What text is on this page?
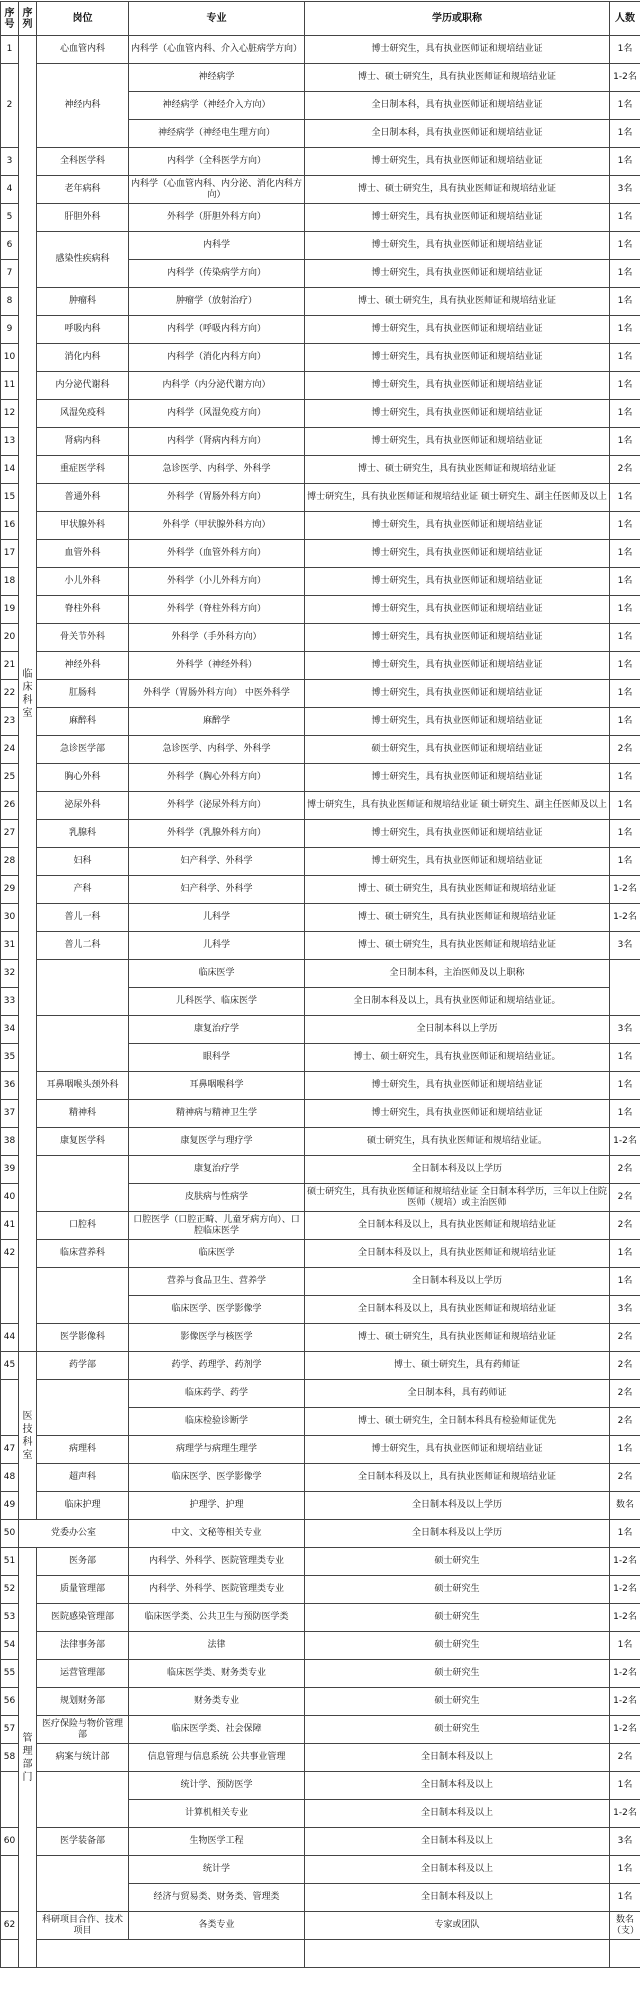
序号	序列	岗位	专业	学历或职称	人数	
1	临床科室	心血管内科	内科学（心血管内科、介入心脏病学方向）	博士研究生，具有执业医师证和规培结业证	1名	
2		神经内科	神经病学	博士、硕士研究生，具有执业医师证和规培结业证	1-2名	
			神经病学（神经介入方向）	全日制本科，具有执业医师证和规培结业证	1名	
			神经病学（神经电生理方向）	全日制本科，具有执业医师证和规培结业证	1名	
3		全科医学科	内科学（全科医学方向）	博士研究生，具有执业医师证和规培结业证	1名	
4		老年病科	内科学（心血管内科、内分泌、消化内科方向）	博士、硕士研究生，具有执业医师证和规培结业证	3名	
5		肝胆外科	外科学（肝胆外科方向）	博士研究生，具有执业医师证和规培结业证	1名	
6		感染性疾病科	内科学	博士研究生，具有执业医师证和规培结业证	1名	
7			内科学（传染病学方向）	博士研究生，具有执业医师证和规培结业证	1名	
8		肿瘤科	肿瘤学（放射治疗）	博士、硕士研究生，具有执业医师证和规培结业证	1名	
9		呼吸内科	内科学（呼吸内科方向）	博士研究生，具有执业医师证和规培结业证	1名	
10		消化内科	内科学（消化内科方向）	博士研究生，具有执业医师证和规培结业证	1名	
11		内分泌代谢科	内科学（内分泌代谢方向）	博士研究生，具有执业医师证和规培结业证	1名	
12		风湿免疫科	内科学（风湿免疫方向）	博士研究生，具有执业医师证和规培结业证	1名	
13		肾病内科	内科学（肾病内科方向）	博士研究生，具有执业医师证和规培结业证	1名	
14		重症医学科	急诊医学、内科学、外科学	博士、硕士研究生，具有执业医师证和规培结业证	2名	
15		普通外科	外科学（胃肠外科方向）	博士研究生，具有执业医师证和规培结业证 硕士研究生、副主任医师及以上	1名	
16		甲状腺外科	外科学（甲状腺外科方向）	博士研究生，具有执业医师证和规培结业证	1名	
17		血管外科	外科学（血管外科方向）	博士研究生，具有执业医师证和规培结业证	1名	
18		小儿外科	外科学（小儿外科方向）	博士研究生，具有执业医师证和规培结业证	1名	
19		脊柱外科	外科学（脊柱外科方向）	博士研究生，具有执业医师证和规培结业证	1名	
20		骨关节外科	外科学（手外科方向）	博士研究生，具有执业医师证和规培结业证	1名	
21		神经外科	外科学（神经外科）	博士研究生，具有执业医师证和规培结业证	1名	
22		肛肠科	外科学（胃肠外科方向） 中医外科学	博士研究生，具有执业医师证和规培结业证	1名	
23		麻醉科	麻醉学	博士研究生，具有执业医师证和规培结业证	1名	
24		急诊医学部	急诊医学、内科学、外科学	硕士研究生，具有执业医师证和规培结业证	2名	
25		胸心外科	外科学（胸心外科方向）	博士研究生，具有执业医师证和规培结业证	1名	
26		泌尿外科	外科学（泌尿外科方向）	博士研究生，具有执业医师证和规培结业证 硕士研究生、副主任医师及以上	1名	
27		乳腺科	外科学（乳腺外科方向）	博士研究生，具有执业医师证和规培结业证	1名	
28		妇科	妇产科学、外科学	博士研究生，具有执业医师证和规培结业证	1名	
29		产科	妇产科学、外科学	博士、硕士研究生，具有执业医师证和规培结业证	1-2名	
30		普儿一科	儿科学	博士、硕士研究生，具有执业医师证和规培结业证	1-2名	
31		普儿二科	儿科学	博士、硕士研究生，具有执业医师证和规培结业证	3名	
32			临床医学	全日制本科，主治医师及以上职称		
33			儿科医学、临床医学	全日制本科及以上，具有执业医师证和规培结业证。		
34			康复治疗学	全日制本科以上学历	3名	
35			眼科学	博士、硕士研究生，具有执业医师证和规培结业证。	1名	
36		耳鼻咽喉头颈外科	耳鼻咽喉科学	博士研究生，具有执业医师证和规培结业证	1名	
37		精神科	精神病与精神卫生学	博士研究生，具有执业医师证和规培结业证	1名	
38		康复医学科	康复医学与理疗学	硕士研究生，具有执业医师证和规培结业证。	1-2名	
39			康复治疗学	全日制本科及以上学历	2名	
40			皮肤病与性病学	硕士研究生，具有执业医师证和规培结业证 全日制本科学历，三年以上住院医师（规培）或主治医师	2名	
41		口腔科	口腔医学（口腔正畸、儿童牙病方向）、口腔临床医学	全日制本科及以上，具有执业医师证和规培结业证	2名	
42		临床营养科	临床医学	全日制本科及以上，具有执业医师证和规培结业证	1名	
			营养与食品卫生、营养学	全日制本科及以上学历	1名	
			临床医学、医学影像学	全日制本科及以上，具有执业医师证和规培结业证	3名	
44		医学影像科	影像医学与核医学	博士、硕士研究生，具有执业医师证和规培结业证	2名	
45	医技科室	药学部	药学、药理学、药剂学	博士、硕士研究生，具有药师证	2名	
			临床药学、药学	全日制本科，具有药师证	2名	
			临床检验诊断学	博士、硕士研究生，全日制本科具有检验师证优先	2名	
47		病理科	病理学与病理生理学	博士研究生，具有执业医师证和规培结业证	1名	
48		超声科	临床医学、医学影像学	全日制本科及以上，具有执业医师证和规培结业证	2名	
49		临床护理	护理学、护理	全日制本科及以上学历	数名	
50	党委办公室		中文、文秘等相关专业	全日制本科及以上学历	1名	
51	管理部门	医务部	内科学、外科学、医院管理类专业	硕士研究生	1-2名	
52		质量管理部	内科学、外科学、医院管理类专业	硕士研究生	1-2名	
53		医院感染管理部	临床医学类、公共卫生与预防医学类	硕士研究生	1-2名	
54		法律事务部	法律	硕士研究生	1名	
55		运营管理部	临床医学类、财务类专业	硕士研究生	1-2名	
56		规划财务部	财务类专业	硕士研究生	1-2名	
57		医疗保险与物价管理部	临床医学类、社会保障	硕士研究生	1-2名	
58		病案与统计部	信息管理与信息系统 公共事业管理	全日制本科及以上	2名	
			统计学、预防医学	全日制本科及以上	1名	
			计算机相关专业	全日制本科及以上	1-2名	
60		医学装备部	生物医学工程	全日制本科及以上	3名	
			统计学	全日制本科及以上	1名	
			经济与贸易类、财务类、管理类	全日制本科及以上	1名	
62		科研项目合作、技术项目	各类专业	专家或团队	数名（支）	
